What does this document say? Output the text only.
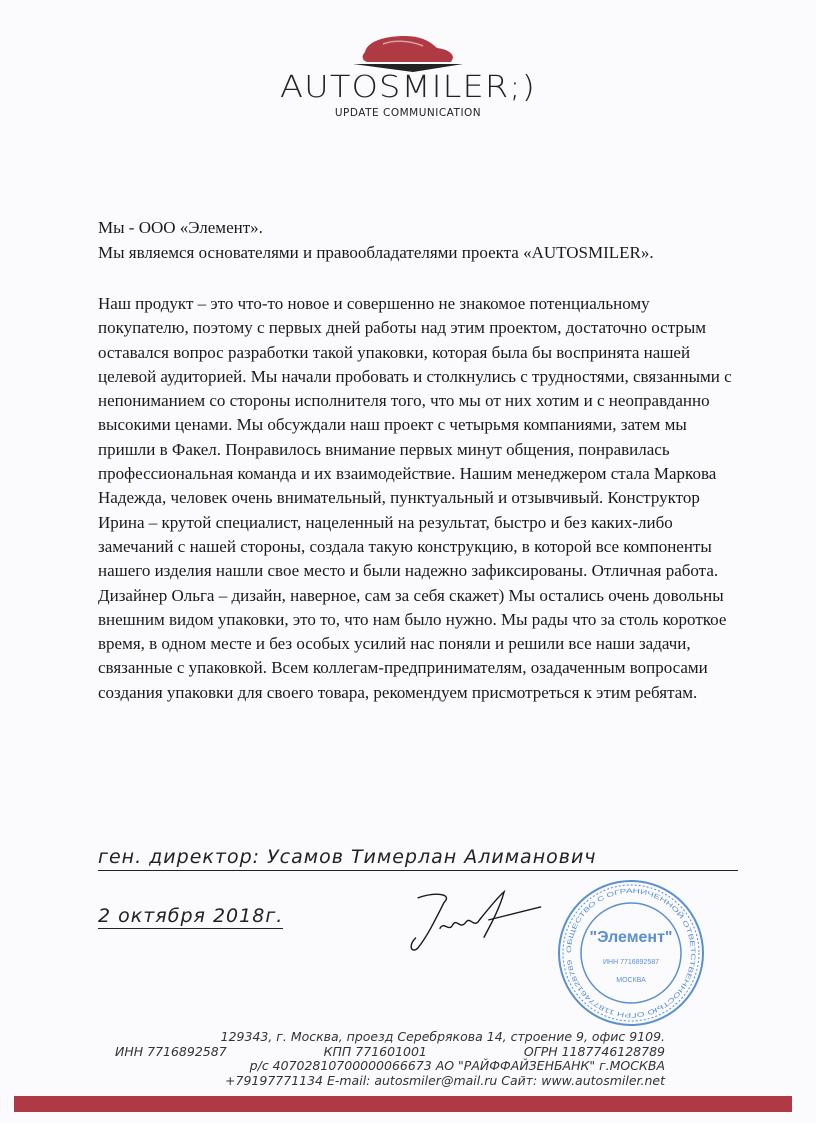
AUTOSMILER;)
UPDATE COMMUNICATION
Мы - ООО «Элемент».
Мы являемся основателями и правообладателями проекта «AUTOSMILER».

Наш продукт – это что-то новое и совершенно не знакомое потенциальному покупателю, поэтому с первых дней работы над этим проектом, достаточно острым оставался вопрос разработки такой упаковки, которая была бы воспринята нашей целевой аудиторией. Мы начали пробовать и столкнулись с трудностями, связанными с непониманием со стороны исполнителя того, что мы от них хотим и с неоправданно высокими ценами. Мы обсуждали наш проект с четырьмя компаниями, затем мы пришли в Факел. Понравилось внимание первых минут общения, понравилась профессиональная команда и их взаимодействие. Нашим менеджером стала Маркова Надежда, человек очень внимательный, пунктуальный и отзывчивый. Конструктор Ирина – крутой специалист, нацеленный на результат, быстро и без каких-либо замечаний с нашей стороны, создала такую конструкцию, в которой все компоненты нашего изделия нашли свое место и были надежно зафиксированы. Отличная работа. Дизайнер Ольга – дизайн, наверное, сам за себя скажет) Мы остались очень довольны внешним видом упаковки, это то, что нам было нужно. Мы рады что за столь короткое время, в одном месте и без особых усилий нас поняли и решили все наши задачи, связанные с упаковкой. Всем коллегам-предпринимателям, озадаченным вопросами создания упаковки для своего товара, рекомендуем присмотреться к этим ребятам.

ген. директор: Усамов Тимерлан Алиманович
2 октября 2018г.
ОБЩЕСТВО С ОГРАНИЧЕННОЙ ОТВЕТСТВЕННОСТЬЮ ОГРН 1187746128789
"Элемент"
ИНН 7716892587
МОСКВА
129343, г. Москва, проезд Серебрякова 14, строение 9, офис 9109.
ИНН 7716892587	КПП 771601001	ОГРН 1187746128789
р/с 40702810700000066673 АО "РАЙФФАЙЗЕНБАНК" г.МОСКВА
+79197771134 E-mail: autosmiler@mail.ru Сайт: www.autosmiler.net
